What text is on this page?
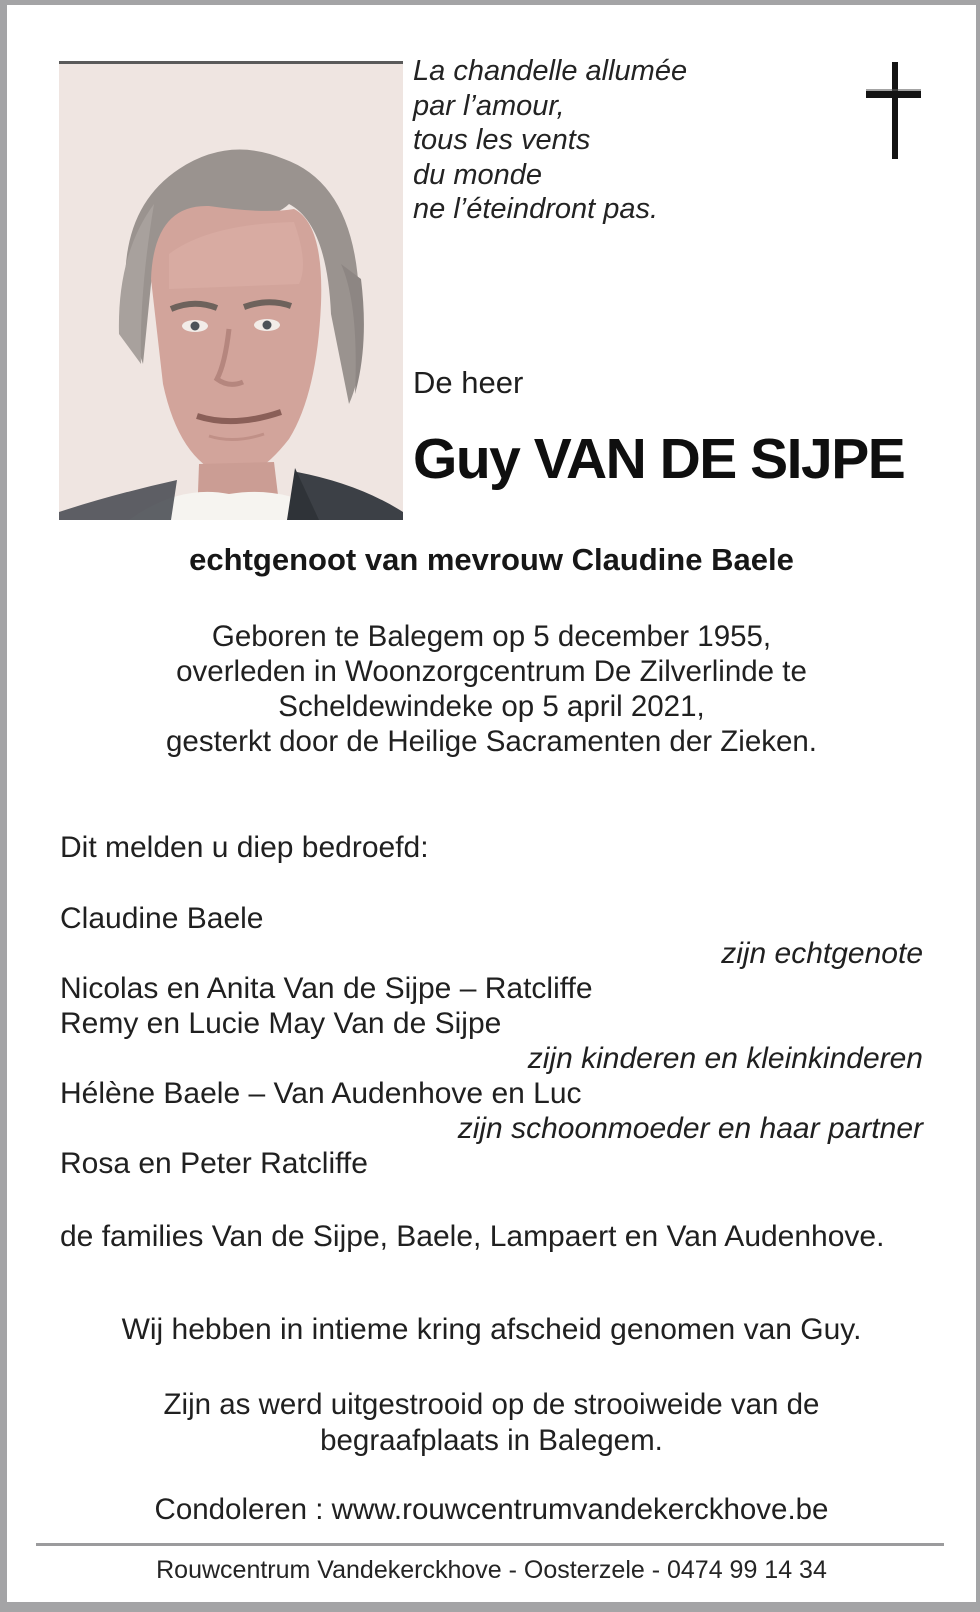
La chandelle allumée
par l’amour,
tous les vents
du monde
ne l’éteindront pas.
De heer
Guy VAN DE SIJPE
echtgenoot van mevrouw Claudine Baele
Geboren te Balegem op 5 december 1955,
overleden in Woonzorgcentrum De Zilverlinde te
Scheldewindeke op 5 april 2021,
gesterkt door de Heilige Sacramenten der Zieken.
Dit melden u diep bedroefd:
Claudine Baele
zijn echtgenote
Nicolas en Anita Van de Sijpe – Ratcliffe
Remy en Lucie May Van de Sijpe
zijn kinderen en kleinkinderen
Hélène Baele – Van Audenhove en Luc
zijn schoonmoeder en haar partner
Rosa en Peter Ratcliffe
de families Van de Sijpe, Baele, Lampaert en Van Audenhove.
Wij hebben in intieme kring afscheid genomen van Guy.
Zijn as werd uitgestrooid op de strooiweide van de
begraafplaats in Balegem.
Condoleren : www.rouwcentrumvandekerckhove.be
Rouwcentrum Vandekerckhove - Oosterzele - 0474 99 14 34
